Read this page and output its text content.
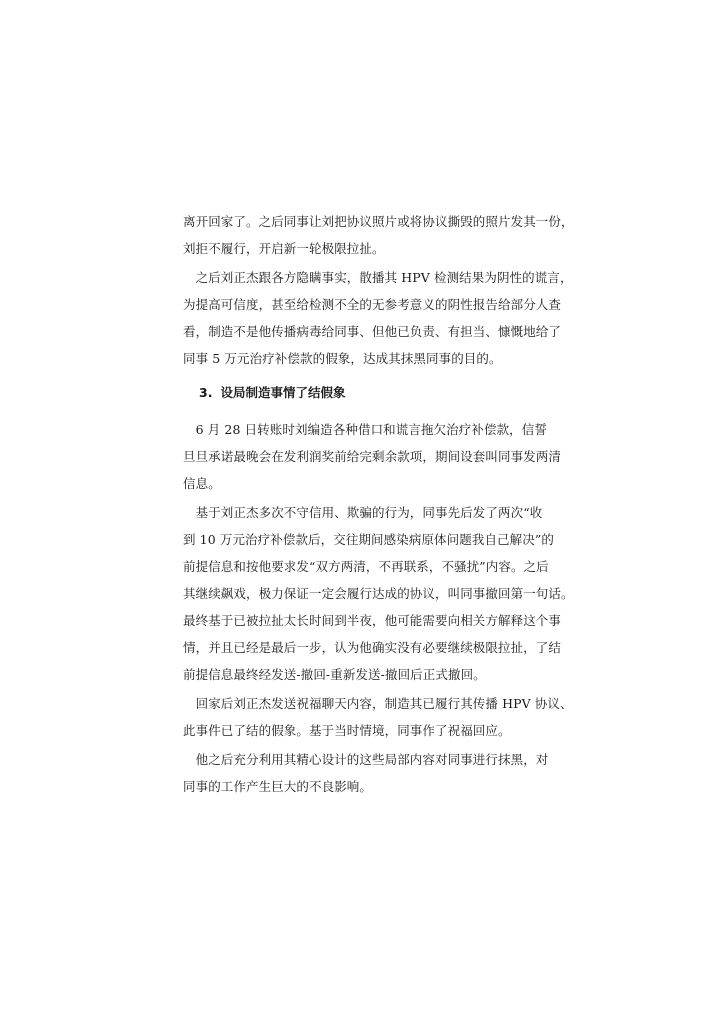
离开回家了。之后同事让刘把协议照片或将协议撕毁的照片发其一份，
刘拒不履行，开启新一轮极限拉扯。

　之后刘正杰跟各方隐瞒事实，散播其 HPV 检测结果为阴性的谎言，
为提高可信度，甚至给检测不全的无参考意义的阴性报告给部分人查
看，制造不是他传播病毒给同事、但他已负责、有担当、慷慨地给了
同事 5 万元治疗补偿款的假象，达成其抹黑同事的目的。

3. 设局制造事情了结假象

　6 月 28 日转账时刘编造各种借口和谎言拖欠治疗补偿款，信誓
旦旦承诺最晚会在发利润奖前给完剩余款项，期间设套叫同事发两清
信息。

　基于刘正杰多次不守信用、欺骗的行为，同事先后发了两次“收
到 10 万元治疗补偿款后，交往期间感染病原体问题我自己解决”的
前提信息和按他要求发“双方两清，不再联系，不骚扰”内容。之后
其继续飙戏，极力保证一定会履行达成的协议，叫同事撤回第一句话。
最终基于已被拉扯太长时间到半夜，他可能需要向相关方解释这个事
情，并且已经是最后一步，认为他确实没有必要继续极限拉扯，了结
前提信息最终经发送-撤回-重新发送-撤回后正式撤回。

　回家后刘正杰发送祝福聊天内容，制造其已履行其传播 HPV 协议、
此事件已了结的假象。基于当时情境，同事作了祝福回应。

　他之后充分利用其精心设计的这些局部内容对同事进行抹黑，对
同事的工作产生巨大的不良影响。
